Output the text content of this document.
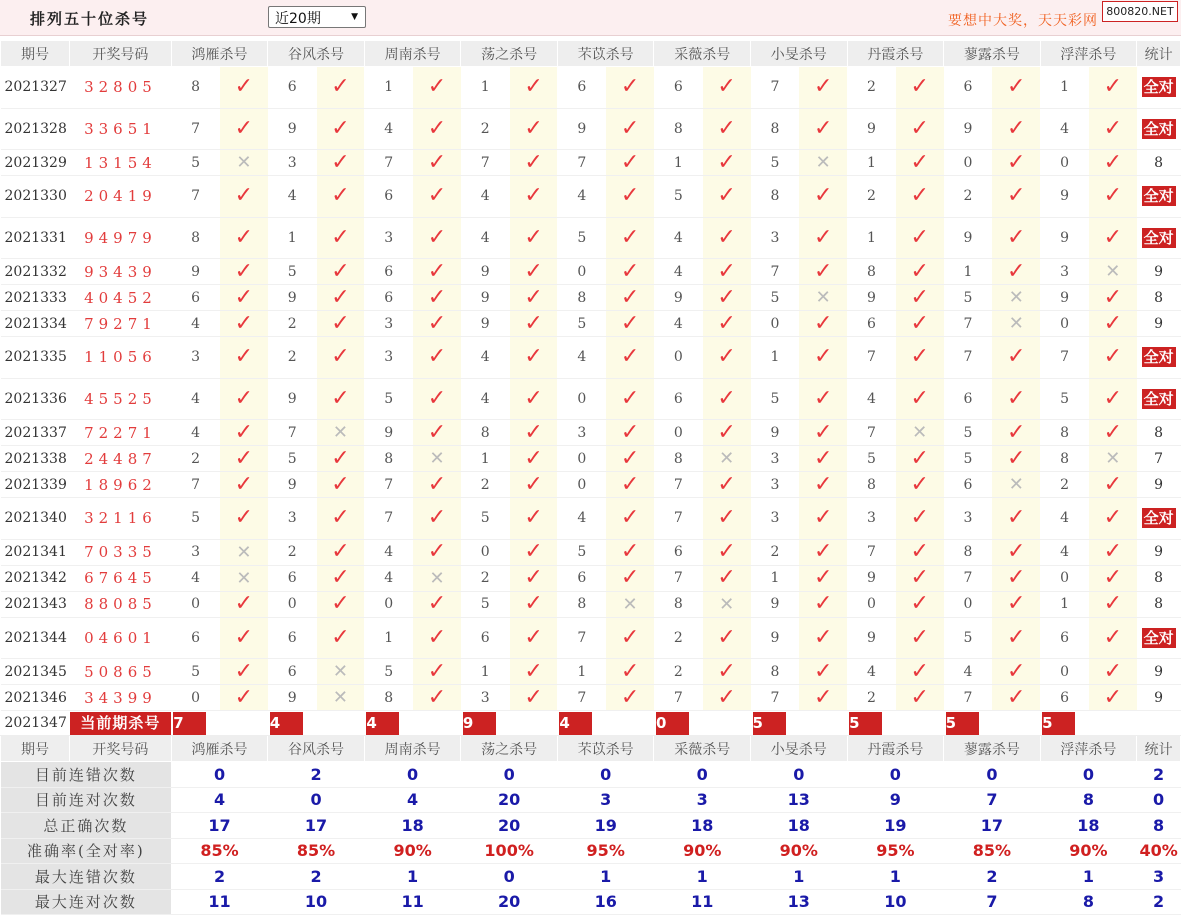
排列五十位杀号	近20期	▼	要想中大奖，天天彩网
800820.NET
期号	开奖号码	鸿雁杀号		谷风杀号		周南杀号		荡之杀号		芣苡杀号		采薇杀号		小旻杀号		丹霞杀号		蓼露杀号		浮萍杀号		统计
2021327	32805	8	✓	6	✓	1	✓	1	✓	6	✓	6	✓	7	✓	2	✓	6	✓	1	✓	全对

2021328	33651	7	✓	9	✓	4	✓	2	✓	9	✓	8	✓	8	✓	9	✓	9	✓	4	✓	全对

2021329	13154	5	✕	3	✓	7	✓	7	✓	7	✓	1	✓	5	✕	1	✓	0	✓	0	✓	8
2021330	20419	7	✓	4	✓	6	✓	4	✓	4	✓	5	✓	8	✓	2	✓	2	✓	9	✓	全对

2021331	94979	8	✓	1	✓	3	✓	4	✓	5	✓	4	✓	3	✓	1	✓	9	✓	9	✓	全对

2021332	93439	9	✓	5	✓	6	✓	9	✓	0	✓	4	✓	7	✓	8	✓	1	✓	3	✕	9
2021333	40452	6	✓	9	✓	6	✓	9	✓	8	✓	9	✓	5	✕	9	✓	5	✕	9	✓	8
2021334	79271	4	✓	2	✓	3	✓	9	✓	5	✓	4	✓	0	✓	6	✓	7	✕	0	✓	9
2021335	11056	3	✓	2	✓	3	✓	4	✓	4	✓	0	✓	1	✓	7	✓	7	✓	7	✓	全对

2021336	45525	4	✓	9	✓	5	✓	4	✓	0	✓	6	✓	5	✓	4	✓	6	✓	5	✓	全对

2021337	72271	4	✓	7	✕	9	✓	8	✓	3	✓	0	✓	9	✓	7	✕	5	✓	8	✓	8
2021338	24487	2	✓	5	✓	8	✕	1	✓	0	✓	8	✕	3	✓	5	✓	5	✓	8	✕	7
2021339	18962	7	✓	9	✓	7	✓	2	✓	0	✓	7	✓	3	✓	8	✓	6	✕	2	✓	9
2021340	32116	5	✓	3	✓	7	✓	5	✓	4	✓	7	✓	3	✓	3	✓	3	✓	4	✓	全对

2021341	70335	3	✕	2	✓	4	✓	0	✓	5	✓	6	✓	2	✓	7	✓	8	✓	4	✓	9
2021342	67645	4	✕	6	✓	4	✕	2	✓	6	✓	7	✓	1	✓	9	✓	7	✓	0	✓	8
2021343	88085	0	✓	0	✓	0	✓	5	✓	8	✕	8	✕	9	✓	0	✓	0	✓	1	✓	8
2021344	04601	6	✓	6	✓	1	✓	6	✓	7	✓	2	✓	9	✓	9	✓	5	✓	6	✓	全对

2021345	50865	5	✓	6	✕	5	✓	1	✓	1	✓	2	✓	8	✓	4	✓	4	✓	0	✓	9
2021346	34399	0	✓	9	✕	8	✓	3	✓	7	✓	7	✓	7	✓	2	✓	7	✓	6	✓	9
2021347	当前期杀号	7		4		4		9		4		0		5		5		5		5		
期号	开奖号码	鸿雁杀号		谷风杀号		周南杀号		荡之杀号		芣苡杀号		采薇杀号		小旻杀号		丹霞杀号		蓼露杀号		浮萍杀号		统计
目前连错次数		0		2		0		0		0		0		0		0		0		0		2
目前连对次数		4		0		4		20		3		3		13		9		7		8		0
总正确次数		17		17		18		20		19		18		18		19		17		18		8
准确率(全对率)		85%		85%		90%		100%		95%		90%		90%		95%		85%		90%		40%
最大连错次数		2		2		1		0		1		1		1		1		2		1		3
最大连对次数		11		10		11		20		16		11		13		10		7		8		2
